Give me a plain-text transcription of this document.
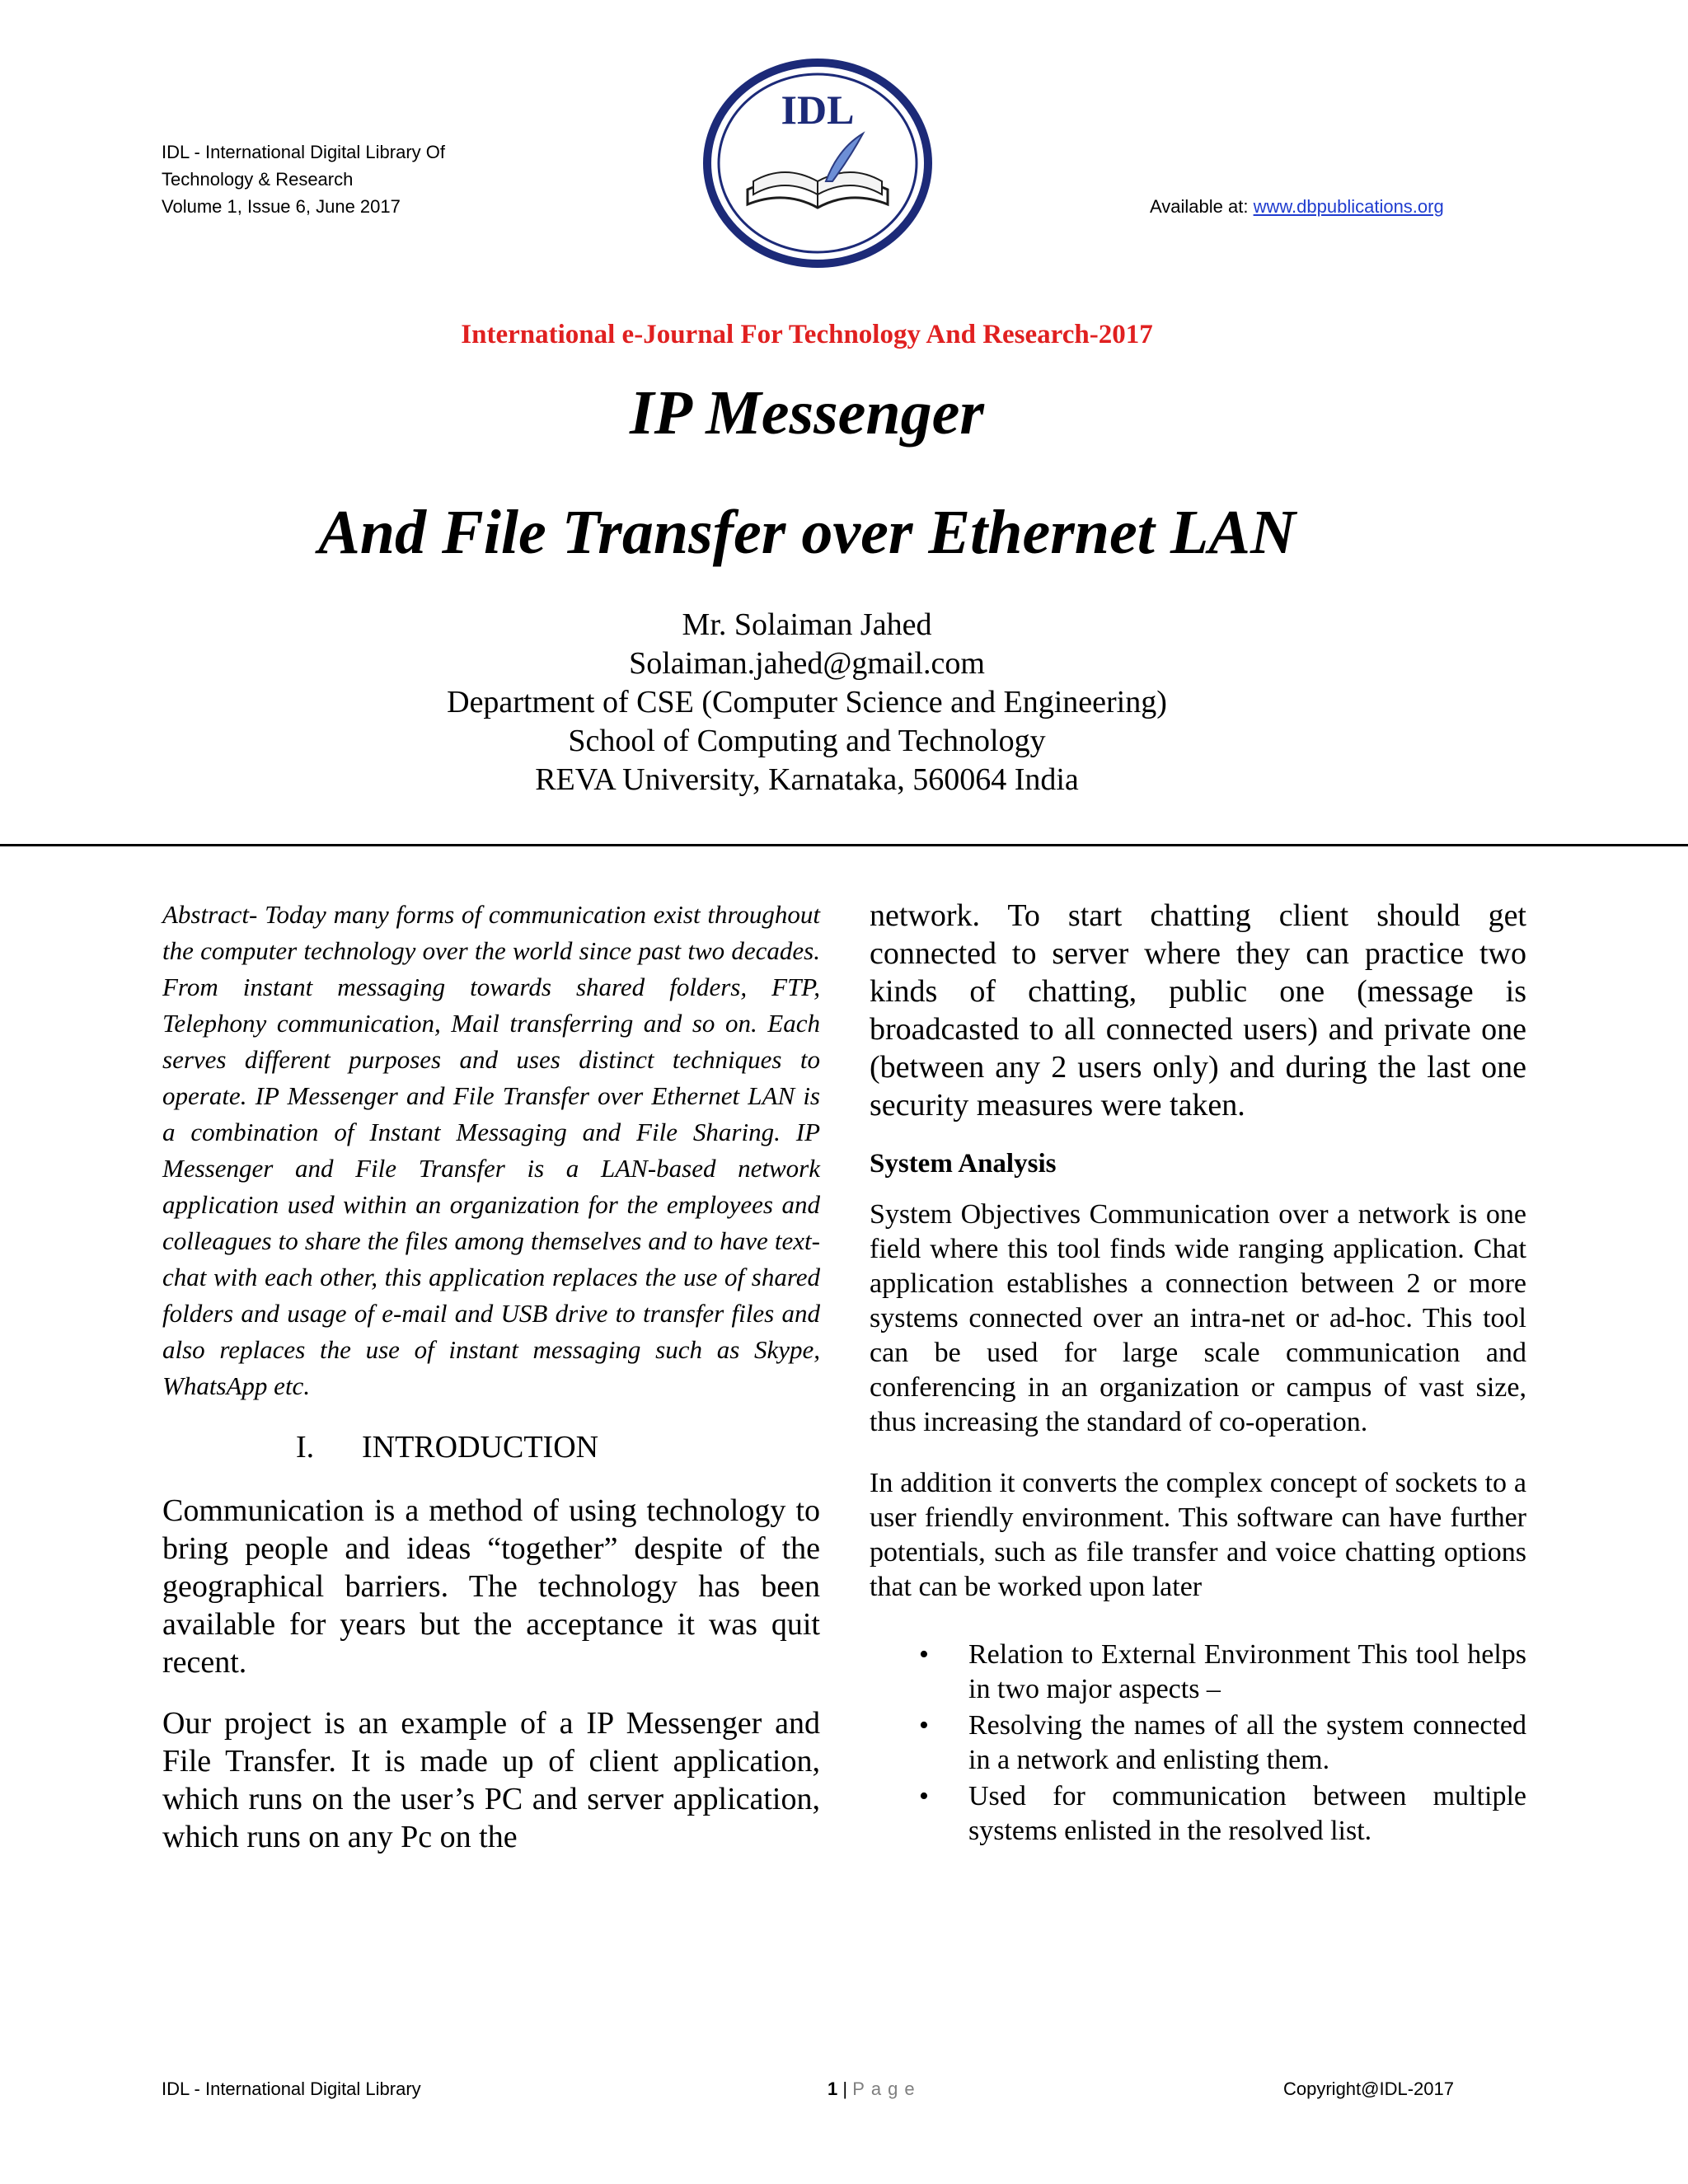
IDL - International Digital Library Of
Technology & Research
Volume 1, Issue 6, June 2017
IDL
Available at: www.dbpublications.org
International e-Journal For Technology And Research-2017
IP Messenger
And File Transfer over Ethernet LAN
Mr. Solaiman Jahed
Solaiman.jahed@gmail.com
Department of CSE (Computer Science and Engineering)
School of Computing and Technology
REVA University, Karnataka, 560064 India

Abstract- Today many forms of communication exist throughout the computer technology over the world since past two decades. From instant messaging towards shared folders, FTP, Telephony communication, Mail transferring and so on. Each serves different purposes and uses distinct techniques to operate. IP Messenger and File Transfer over Ethernet LAN is a combination of Instant Messaging and File Sharing. IP Messenger and File Transfer is a LAN-based network application used within an organization for the employees and colleagues to share the files among themselves and to have text-chat with each other, this application replaces the use of shared folders and usage of e-mail and USB drive to transfer files and also replaces the use of instant messaging such as Skype, WhatsApp etc.

I. INTRODUCTION

Communication is a method of using technology to bring people and ideas “together” despite of the geographical barriers. The technology has been available for years but the acceptance it was quit recent.

Our project is an example of a IP Messenger and File Transfer. It is made up of client application, which runs on the user’s PC and server application, which runs on any Pc on the

network. To start chatting client should get connected to server where they can practice two kinds of chatting, public one (message is broadcasted to all connected users) and private one (between any 2 users only) and during the last one security measures were taken.

System Analysis

System Objectives Communication over a network is one field where this tool finds wide ranging application. Chat application establishes a connection between 2 or more systems connected over an intra-net or ad-hoc. This tool can be used for large scale communication and conferencing in an organization or campus of vast size, thus increasing the standard of co-operation.

In addition it converts the complex concept of sockets to a user friendly environment. This software can have further potentials, such as file transfer and voice chatting options that can be worked upon later

• Relation to External Environment This tool helps in two major aspects –
• Resolving the names of all the system connected in a network and enlisting them.
• Used for communication between multiple systems enlisted in the resolved list.
IDL - International Digital Library	1 | Page	Copyright@IDL-2017
